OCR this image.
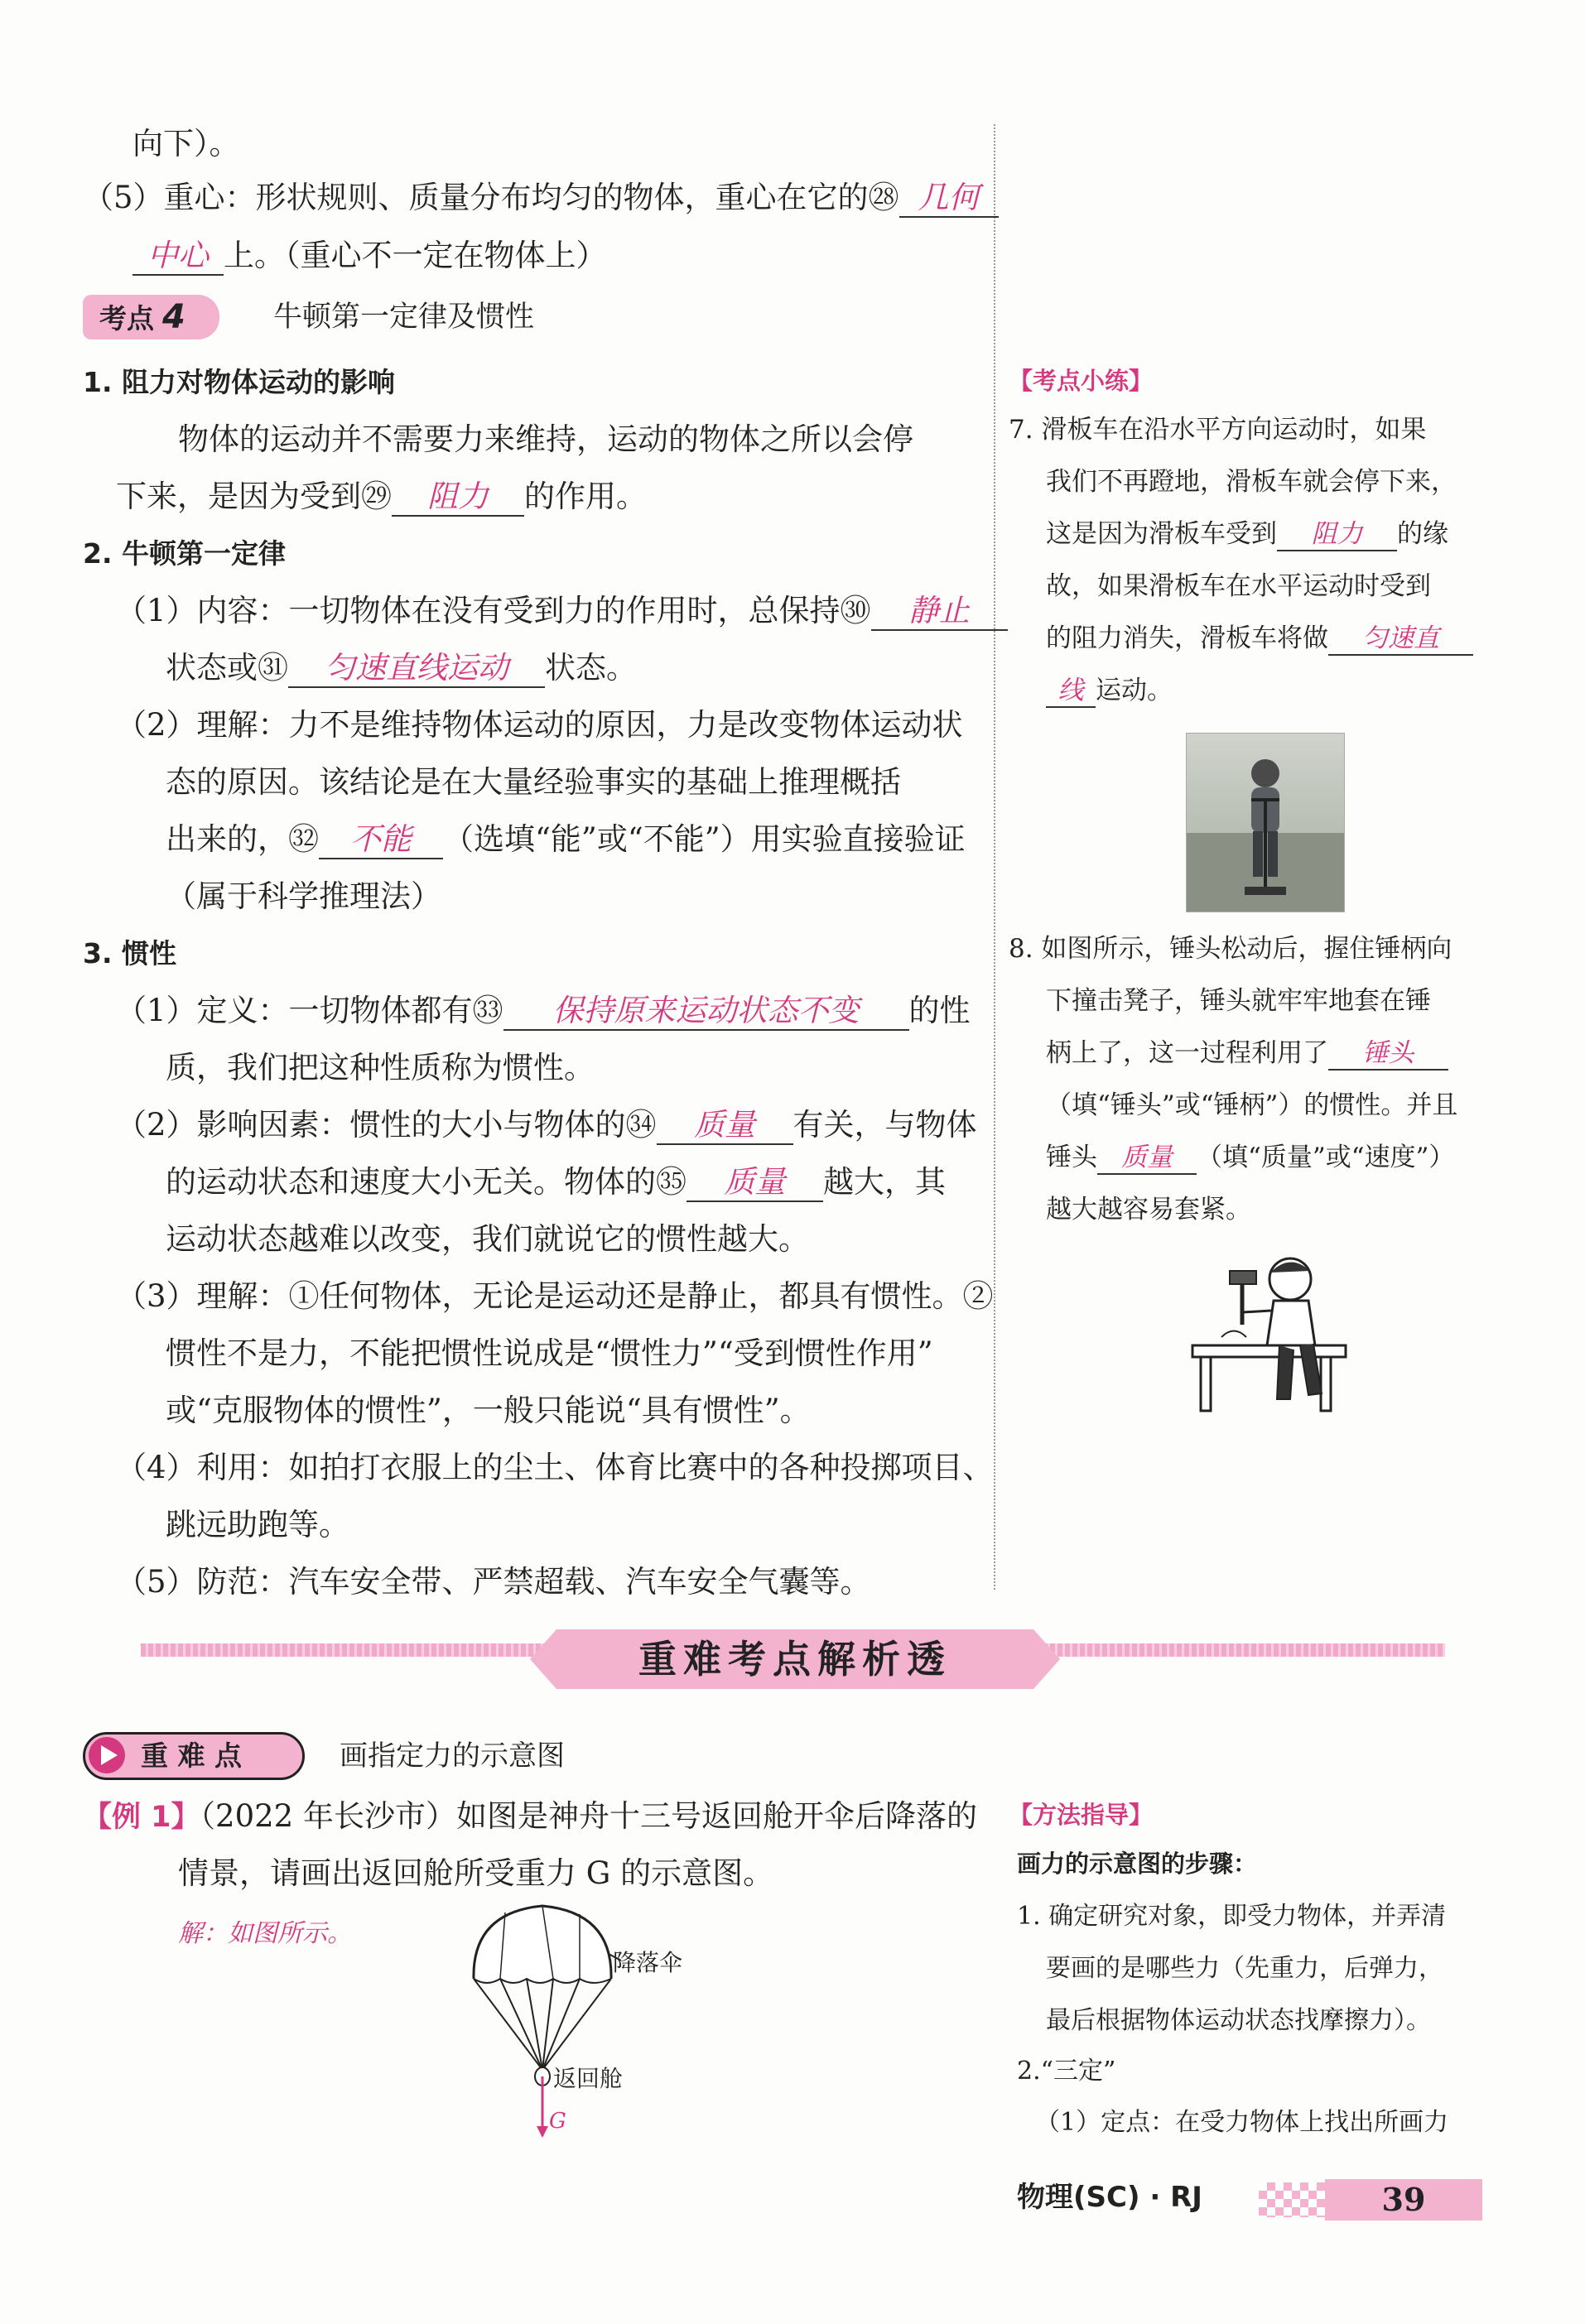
向下）。
（5）重心：形状规则、质量分布均匀的物体，重心在它的㉘ 几何
中心 上。（重心不一定在物体上）
考点 4	牛顿第一定律及惯性
1. 阻力对物体运动的影响
物体的运动并不需要力来维持，运动的物体之所以会停
下来，是因为受到㉙ 阻力 的作用。
2. 牛顿第一定律
（1）内容：一切物体在没有受到力的作用时，总保持㉚ 静止
状态或㉛ 匀速直线运动 状态。
（2）理解：力不是维持物体运动的原因，力是改变物体运动状
态的原因。该结论是在大量经验事实的基础上推理概括
出来的，㉜ 不能 （选填“能”或“不能”）用实验直接验证
（属于科学推理法）
3. 惯性
（1）定义：一切物体都有㉝ 保持原来运动状态不变 的性
质，我们把这种性质称为惯性。
（2）影响因素：惯性的大小与物体的㉞ 质量 有关，与物体
的运动状态和速度大小无关。物体的㉟ 质量 越大，其
运动状态越难以改变，我们就说它的惯性越大。
（3）理解：①任何物体，无论是运动还是静止，都具有惯性。②
惯性不是力，不能把惯性说成是“惯性力”“受到惯性作用”
或“克服物体的惯性”，一般只能说“具有惯性”。
（4）利用：如拍打衣服上的尘土、体育比赛中的各种投掷项目、
跳远助跑等。
（5）防范：汽车安全带、严禁超载、汽车安全气囊等。
【考点小练】
7. 滑板车在沿水平方向运动时，如果
我们不再蹬地，滑板车就会停下来，
这是因为滑板车受到 阻力 的缘
故，如果滑板车在水平运动时受到
的阻力消失，滑板车将做 匀速直
线 运动。
8. 如图所示，锤头松动后，握住锤柄向
下撞击凳子，锤头就牢牢地套在锤
柄上了，这一过程利用了 锤头
（填“锤头”或“锤柄”）的惯性。并且
锤头 质量 （填“质量”或“速度”）
越大越容易套紧。
重难考点解析透
重 难 点	画指定力的示意图
【例 1】（2022 年长沙市）如图是神舟十三号返回舱开伞后降落的
情景，请画出返回舱所受重力 G 的示意图。
解：如图所示。
降落伞
返回舱
G
【方法指导】
画力的示意图的步骤：
1. 确定研究对象，即受力物体，并弄清
要画的是哪些力（先重力，后弹力，
最后根据物体运动状态找摩擦力）。
2.“三定”
（1）定点：在受力物体上找出所画力
物理(SC) · RJ	39
